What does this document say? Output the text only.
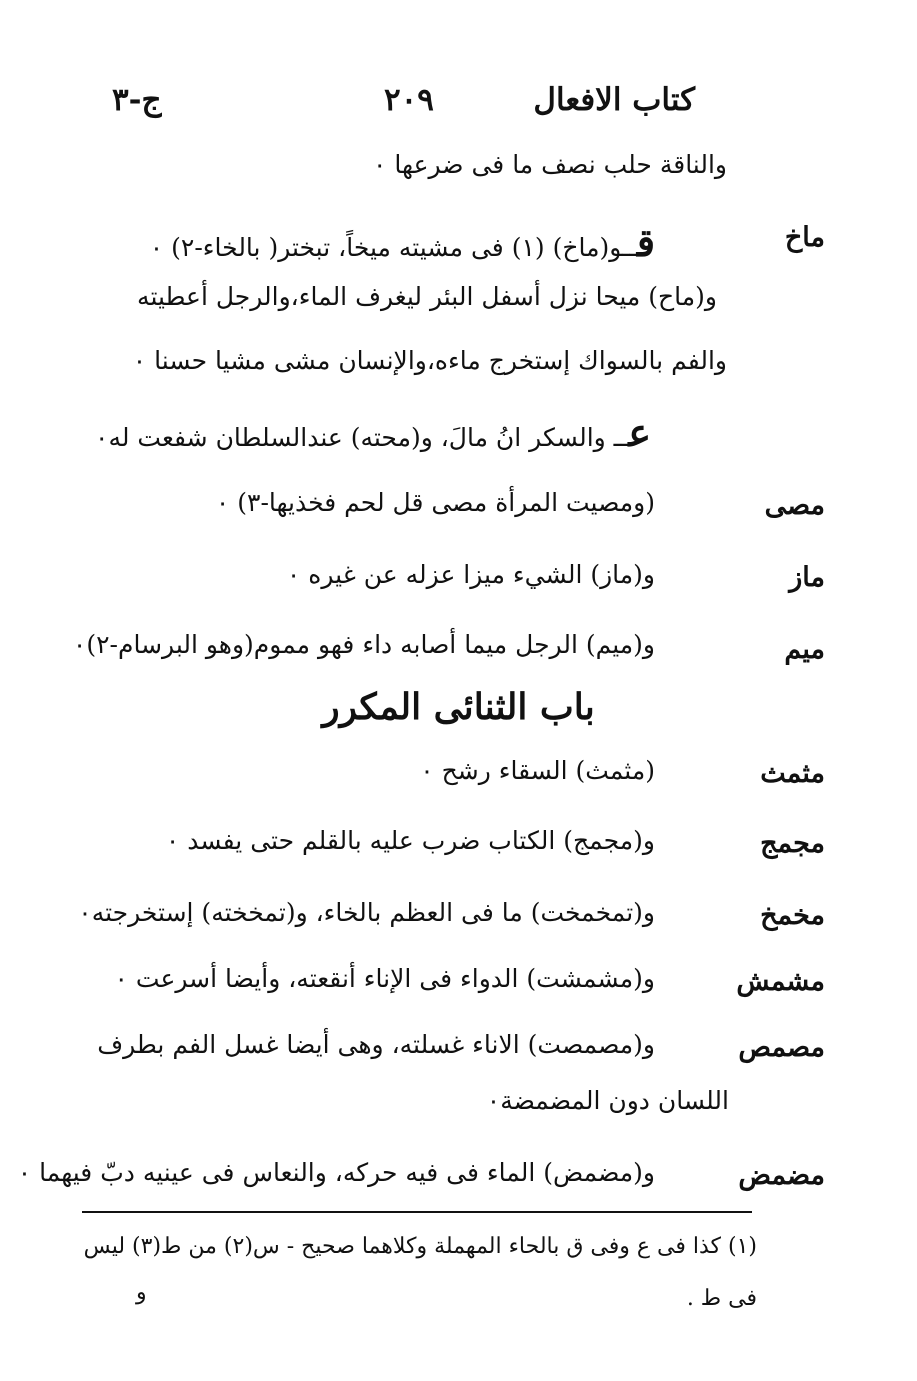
كتاب الافعال
٢٠٩
ج-٣
والناقة حلب نصف ما فى ضرعها ٠
ماخ
قــو(ماخ) (١) فى مشيته ميخاً، تبختر( بالخاء-٢) ٠
و(ماح) ميحا نزل أسفل البئر ليغرف الماء،والرجل أعطيته
والفم بالسواك إستخرج ماءه،والإنسان مشى مشيا حسنا ٠
عــ والسكر انُ مالَ، و(محته) عندالسلطان شفعت له٠
مصى
(ومصيت المرأة مصى قل لحم فخذيها-٣) ٠
ماز
و(ماز) الشيء ميزا عزله عن غيره ٠
ميم
و(ميم) الرجل ميما أصابه داء فهو مموم(وهو البرسام-٢)٠
باب الثنائى المكرر
مثمث
(مثمث) السقاء رشح ٠
مجمج
و(مجمج) الكتاب ضرب عليه بالقلم حتى يفسد ٠
مخمخ
و(تمخمخت) ما فى العظم بالخاء، و(تمخخته) إستخرجته٠
مشمش
و(مشمشت) الدواء فى الإناء أنقعته، وأيضا أسرعت ٠
مصمص
و(مصمصت) الاناء غسلته، وهى أيضا غسل الفم بطرف
اللسان دون المضمضة٠
مضمض
و(مضمض) الماء فى فيه حركه، والنعاس فى عينيه دبّ فيهما ٠
(١) كذا فى ع وفى ق بالحاء المهملة وكلاهما صحيح - س(٢) من ط(٣) ليس
فى ط .
و
